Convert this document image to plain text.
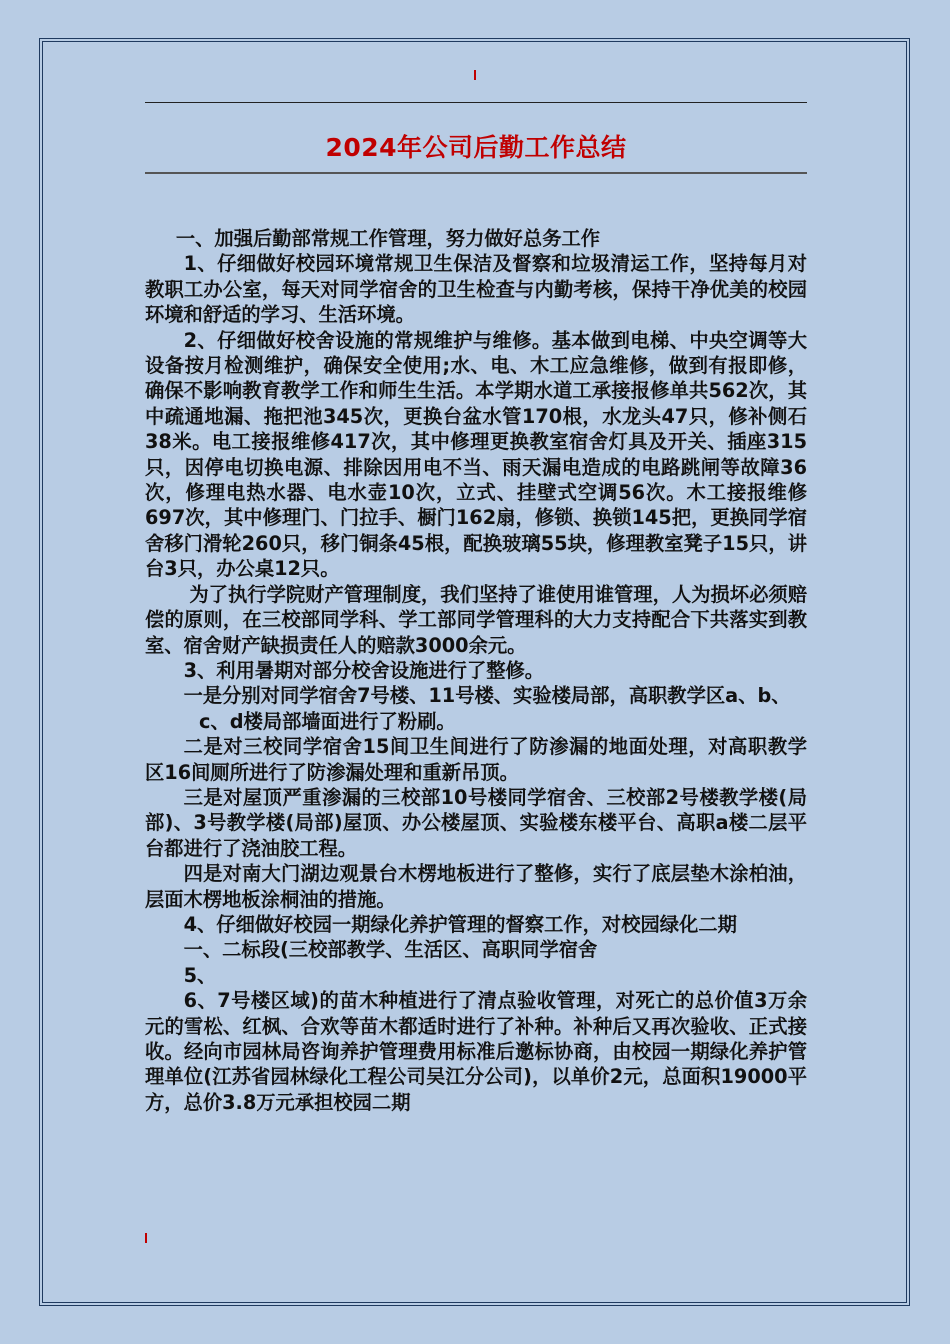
2024年公司后勤工作总结

一、加强后勤部常规工作管理，努力做好总务工作

1、仔细做好校园环境常规卫生保洁及督察和垃圾清运工作，坚持每月对教职工办公室，每天对同学宿舍的卫生检查与内勤考核，保持干净优美的校园环境和舒适的学习、生活环境。

2、仔细做好校舍设施的常规维护与维修。基本做到电梯、中央空调等大设备按月检测维护，确保安全使用;水、电、木工应急维修，做到有报即修，确保不影响教育教学工作和师生生活。本学期水道工承接报修单共562次，其中疏通地漏、拖把池345次，更换台盆水管170根，水龙头47只，修补侧石38米。电工接报维修417次，其中修理更换教室宿舍灯具及开关、插座315只，因停电切换电源、排除因用电不当、雨天漏电造成的电路跳闸等故障36次，修理电热水器、电水壶10次，立式、挂壁式空调56次。木工接报维修697次，其中修理门、门拉手、橱门162扇，修锁、换锁145把，更换同学宿舍移门滑轮260只，移门铜条45根，配换玻璃55块，修理教室凳子15只，讲台3只，办公桌12只。

为了执行学院财产管理制度，我们坚持了谁使用谁管理，人为损坏必须赔偿的原则，在三校部同学科、学工部同学管理科的大力支持配合下共落实到教室、宿舍财产缺损责任人的赔款3000余元。

3、利用暑期对部分校舍设施进行了整修。

一是分别对同学宿舍7号楼、11号楼、实验楼局部，高职教学区a、b、

c、d楼局部墙面进行了粉刷。

二是对三校同学宿舍15间卫生间进行了防渗漏的地面处理，对高职教学区16间厕所进行了防渗漏处理和重新吊顶。

三是对屋顶严重渗漏的三校部10号楼同学宿舍、三校部2号楼教学楼(局部)、3号教学楼(局部)屋顶、办公楼屋顶、实验楼东楼平台、高职a楼二层平台都进行了浇油胶工程。

四是对南大门湖边观景台木楞地板进行了整修，实行了底层垫木涂柏油，层面木楞地板涂桐油的措施。

4、仔细做好校园一期绿化养护管理的督察工作，对校园绿化二期

一、二标段(三校部教学、生活区、高职同学宿舍

5、

6、7号楼区域)的苗木种植进行了清点验收管理，对死亡的总价值3万余元的雪松、红枫、合欢等苗木都适时进行了补种。补种后又再次验收、正式接收。经向市园林局咨询养护管理费用标准后邀标协商，由校园一期绿化养护管理单位(江苏省园林绿化工程公司吴江分公司)，以单价2元，总面积19000平方，总价3.8万元承担校园二期
